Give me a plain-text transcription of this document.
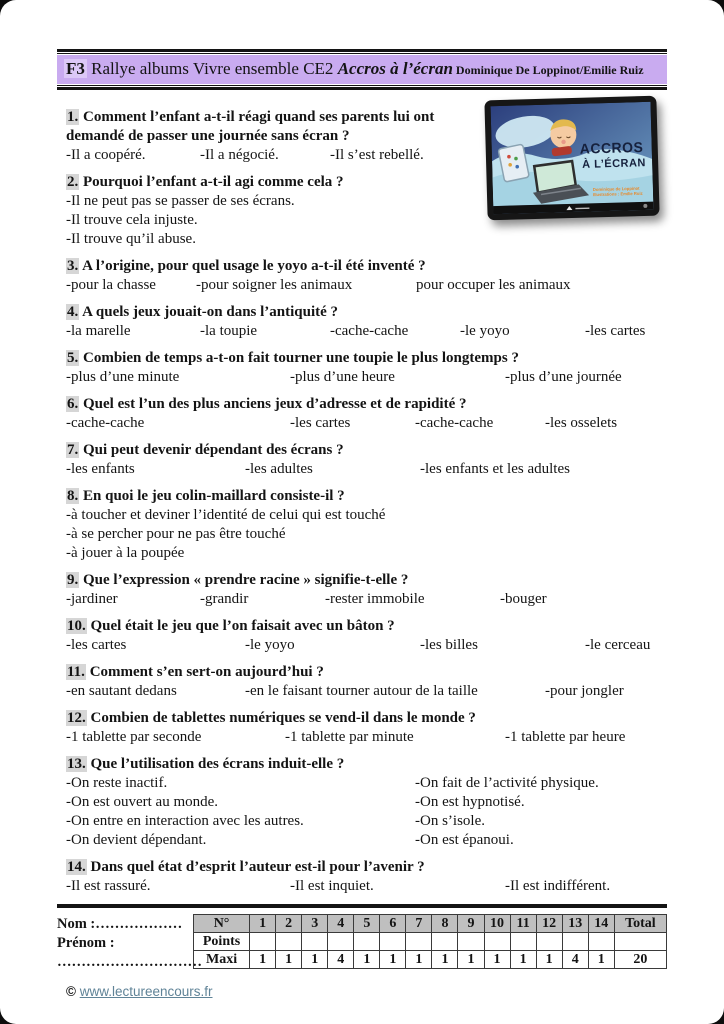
F3 Rallye albums Vivre ensemble CE2 Accros à l’écran Dominique De Loppinot/Emilie Ruiz
ACCROS
À L’ÉCRAN
Dominique de Loppinot
Illustrations : Emilie Ruiz
1. Comment l’enfant a-t-il réagi quand ses parents lui ont demandé de passer une journée sans écran ?
-Il a coopéré.	-Il a négocié.	-Il s’est rebellé.
2. Pourquoi l’enfant a-t-il agi comme cela ?
-Il ne peut pas se passer de ses écrans.
-Il trouve cela injuste.
-Il trouve qu’il abuse.
3. A l’origine, pour quel usage le yoyo a-t-il été inventé ?
-pour la chasse	-pour soigner les animaux	pour occuper les animaux
4. A quels jeux jouait-on dans l’antiquité ?
-la marelle	-la toupie	-cache-cache	-le yoyo	-les cartes
5. Combien de temps a-t-on fait tourner une toupie le plus longtemps ?
-plus d’une minute	-plus d’une heure	-plus d’une journée
6. Quel est l’un des plus anciens jeux d’adresse et de rapidité ?
-cache-cache	-les cartes	-cache-cache	-les osselets
7. Qui peut devenir dépendant des écrans ?
-les enfants	-les adultes	-les enfants et les adultes
8. En quoi le jeu colin-maillard consiste-il ?
-à toucher et deviner l’identité de celui qui est touché
-à se percher pour ne pas être touché
-à jouer à la poupée
9. Que l’expression « prendre racine » signifie-t-elle ?
-jardiner	-grandir	-rester immobile	-bouger
10. Quel était le jeu que l’on faisait avec un bâton ?
-les cartes	-le yoyo	-les billes	-le cerceau
11. Comment s’en sert-on aujourd’hui ?
-en sautant dedans	-en le faisant tourner autour de la taille	-pour jongler
12. Combien de tablettes numériques se vend-il dans le monde ?
-1 tablette par seconde	-1 tablette par minute	-1 tablette par heure
13. Que l’utilisation des écrans induit-elle ?
-On reste inactif.	-On fait de l’activité physique.
-On est ouvert au monde.	-On est hypnotisé.
-On entre en interaction avec les autres.	-On s’isole.
-On devient dépendant.	-On est épanoui.
14. Dans quel état d’esprit l’auteur est-il pour l’avenir ?
-Il est rassuré.	-Il est inquiet.	-Il est indifférent.
Nom :………………
Prénom :
…………………………
N°	1	2	3	4	5	6	7	8	9	10	11	12	13	14	Total
Points															
Maxi	1	1	1	4	1	1	1	1	1	1	1	1	4	1	20
© www.lectureencours.fr
